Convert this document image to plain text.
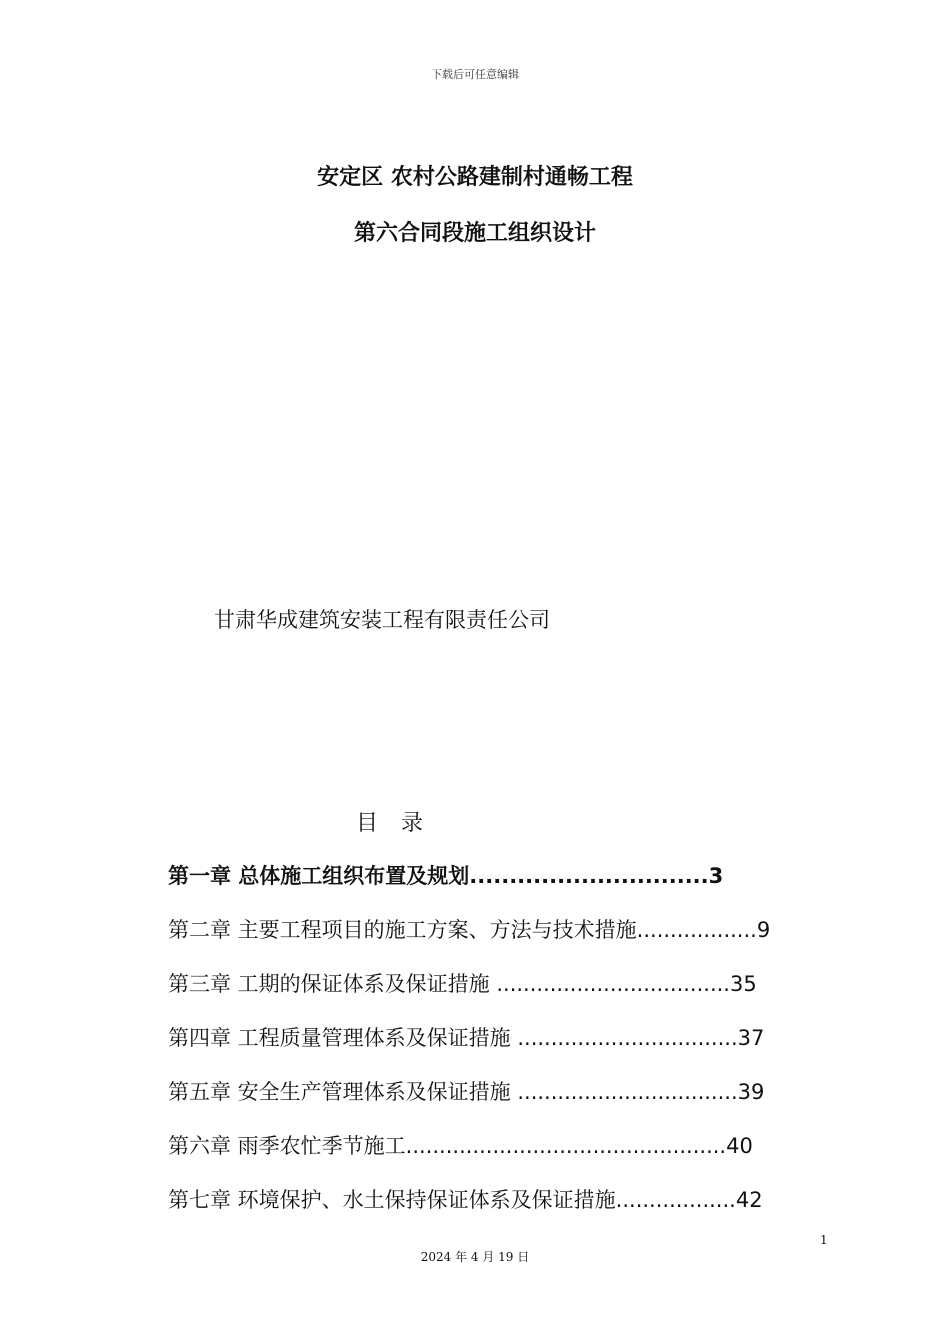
下载后可任意编辑
安定区 农村公路建制村通畅工程
第六合同段施工组织设计
甘肃华成建筑安装工程有限责任公司
目 录
第一章 总体施工组织布置及规划..............................3
第二章 主要工程项目的施工方案、方法与技术措施..................9
第三章 工期的保证体系及保证措施 ...................................35
第四章 工程质量管理体系及保证措施 .................................37
第五章 安全生产管理体系及保证措施 .................................39
第六章 雨季农忙季节施工................................................40
第七章 环境保护、水土保持保证体系及保证措施..................42
1
2024 年 4 月 19 日
